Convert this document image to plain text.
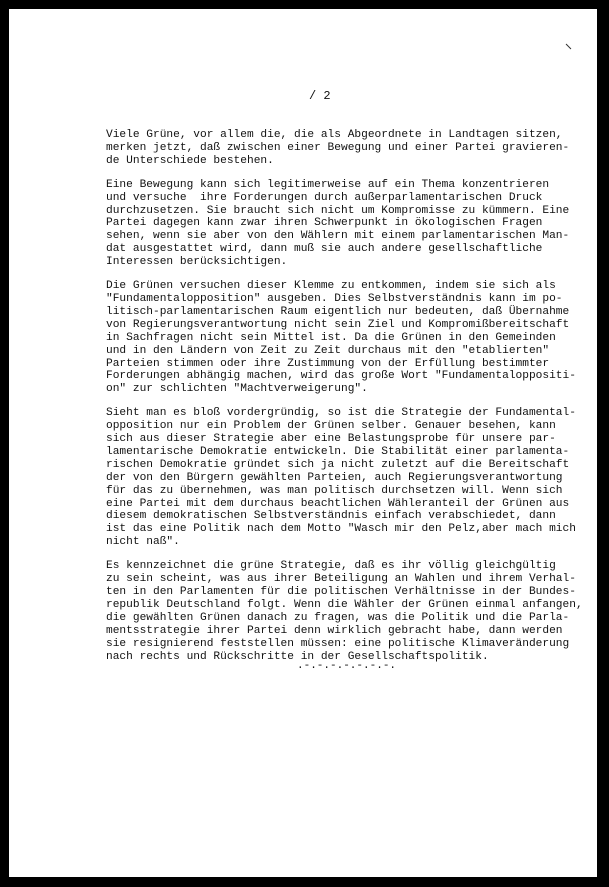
/ 2
Viele Grüne, vor allem die, die als Abgeordnete in Landtagen sitzen,
merken jetzt, daß zwischen einer Bewegung und einer Partei gravieren-
de Unterschiede bestehen.
Eine Bewegung kann sich legitimerweise auf ein Thema konzentrieren
und versuche  ihre Forderungen durch außerparlamentarischen Druck
durchzusetzen. Sie braucht sich nicht um Kompromisse zu kümmern. Eine
Partei dagegen kann zwar ihren Schwerpunkt in ökologischen Fragen
sehen, wenn sie aber von den Wählern mit einem parlamentarischen Man-
dat ausgestattet wird, dann muß sie auch andere gesellschaftliche
Interessen berücksichtigen.
Die Grünen versuchen dieser Klemme zu entkommen, indem sie sich als
"Fundamentalopposition" ausgeben. Dies Selbstverständnis kann im po-
litisch-parlamentarischen Raum eigentlich nur bedeuten, daß Übernahme
von Regierungsverantwortung nicht sein Ziel und Kompromißbereitschaft
in Sachfragen nicht sein Mittel ist. Da die Grünen in den Gemeinden
und in den Ländern von Zeit zu Zeit durchaus mit den "etablierten"
Parteien stimmen oder ihre Zustimmung von der Erfüllung bestimmter
Forderungen abhängig machen, wird das große Wort "Fundamentaloppositi-
on" zur schlichten "Machtverweigerung".
Sieht man es bloß vordergründig, so ist die Strategie der Fundamental-
opposition nur ein Problem der Grünen selber. Genauer besehen, kann
sich aus dieser Strategie aber eine Belastungsprobe für unsere par-
lamentarische Demokratie entwickeln. Die Stabilität einer parlamenta-
rischen Demokratie gründet sich ja nicht zuletzt auf die Bereitschaft
der von den Bürgern gewählten Parteien, auch Regierungsverantwortung
für das zu übernehmen, was man politisch durchsetzen will. Wenn sich
eine Partei mit dem durchaus beachtlichen Wähleranteil der Grünen aus
diesem demokratischen Selbstverständnis einfach verabschiedet, dann
ist das eine Politik nach dem Motto "Wasch mir den Pelz,aber mach mich
nicht naß".
Es kennzeichnet die grüne Strategie, daß es ihr völlig gleichgültig
zu sein scheint, was aus ihrer Beteiligung an Wahlen und ihrem Verhal-
ten in den Parlamenten für die politischen Verhältnisse in der Bundes-
republik Deutschland folgt. Wenn die Wähler der Grünen einmal anfangen,
die gewählten Grünen danach zu fragen, was die Politik und die Parla-
mentsstrategie ihrer Partei denn wirklich gebracht habe, dann werden
sie resignierend feststellen müssen: eine politische Klimaveränderung
nach rechts und Rückschritte in der Gesellschaftspolitik.
.-.-.-.-.-.-.-.
